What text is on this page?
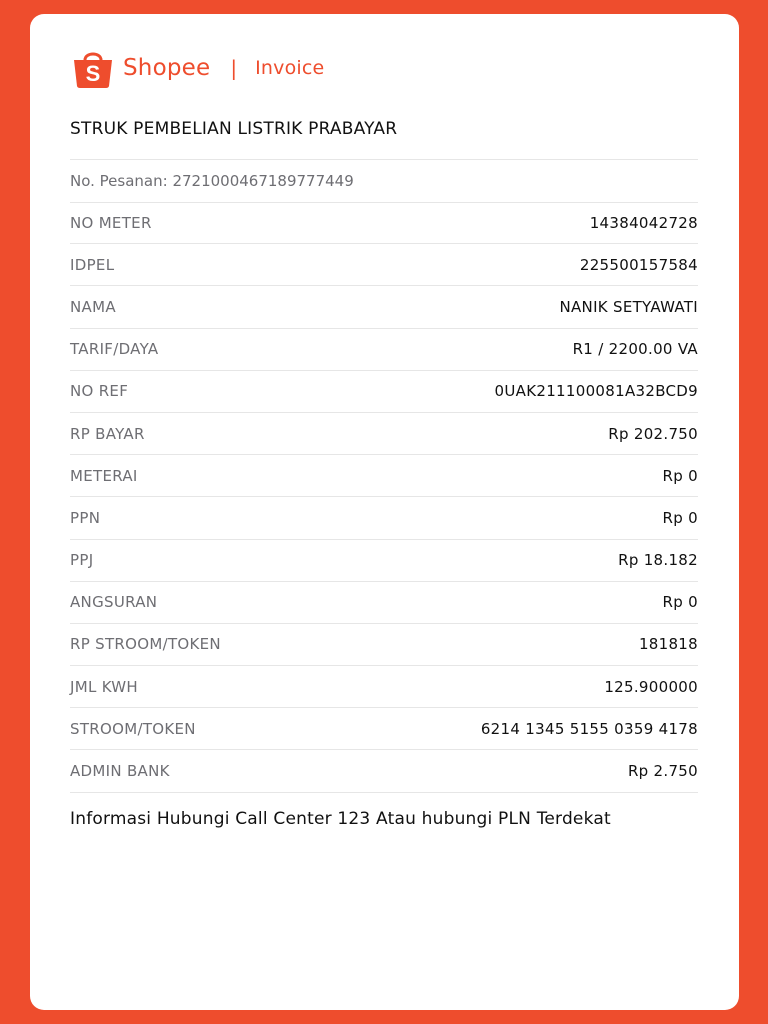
S Shopee | Invoice
STRUK PEMBELIAN LISTRIK PRABAYAR
No. Pesanan: 2721000467189777449
NO METER	14384042728
IDPEL	225500157584
NAMA	NANIK SETYAWATI
TARIF/DAYA	R1 / 2200.00 VA
NO REF	0UAK211100081A32BCD9
RP BAYAR	Rp 202.750
METERAI	Rp 0
PPN	Rp 0
PPJ	Rp 18.182
ANGSURAN	Rp 0
RP STROOM/TOKEN	181818
JML KWH	125.900000
STROOM/TOKEN	6214 1345 5155 0359 4178
ADMIN BANK	Rp 2.750
Informasi Hubungi Call Center 123 Atau hubungi PLN Terdekat
